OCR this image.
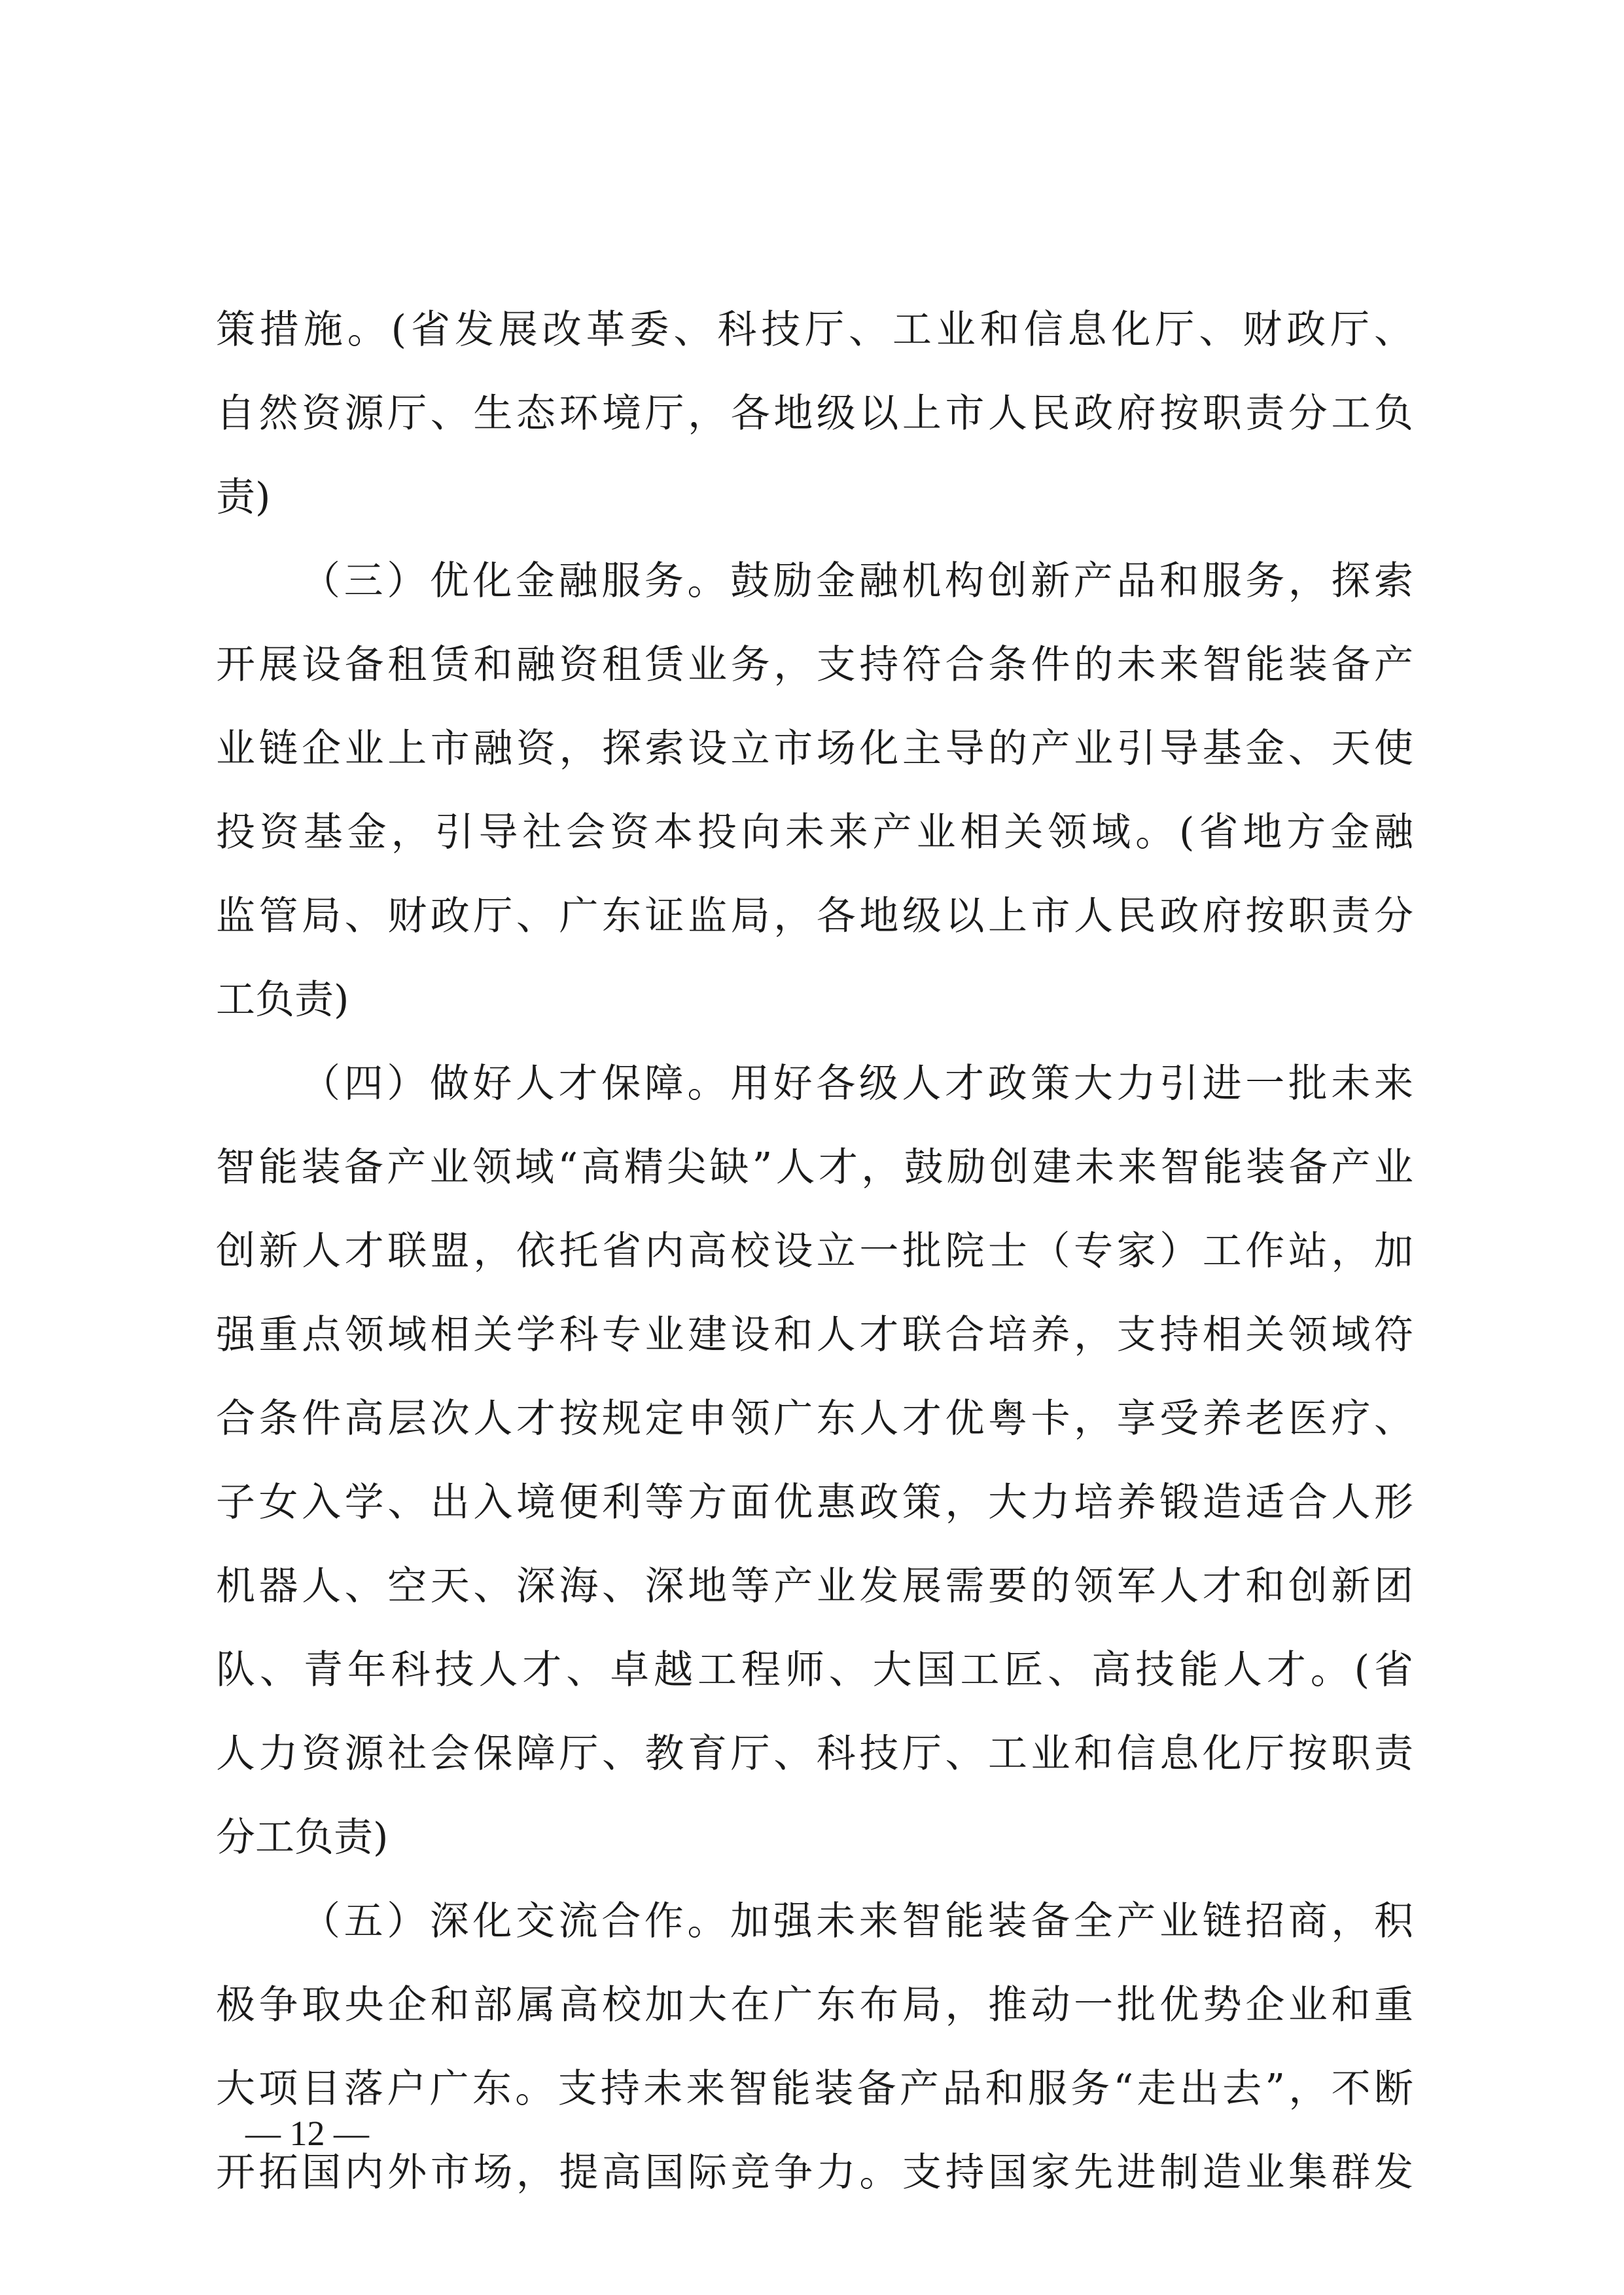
策措施。(省发展改革委、科技厅、工业和信息化厅、财政厅、
自然资源厅、生态环境厅，各地级以上市人民政府按职责分工负
责)
（三）优化金融服务。鼓励金融机构创新产品和服务，探索
开展设备租赁和融资租赁业务，支持符合条件的未来智能装备产
业链企业上市融资，探索设立市场化主导的产业引导基金、天使
投资基金，引导社会资本投向未来产业相关领域。(省地方金融
监管局、财政厅、广东证监局，各地级以上市人民政府按职责分
工负责)
（四）做好人才保障。用好各级人才政策大力引进一批未来
智能装备产业领域“高精尖缺”人才，鼓励创建未来智能装备产业
创新人才联盟，依托省内高校设立一批院士（专家）工作站，加
强重点领域相关学科专业建设和人才联合培养，支持相关领域符
合条件高层次人才按规定申领广东人才优粤卡，享受养老医疗、
子女入学、出入境便利等方面优惠政策，大力培养锻造适合人形
机器人、空天、深海、深地等产业发展需要的领军人才和创新团
队、青年科技人才、卓越工程师、大国工匠、高技能人才。(省
人力资源社会保障厅、教育厅、科技厅、工业和信息化厅按职责
分工负责)
（五）深化交流合作。加强未来智能装备全产业链招商，积
极争取央企和部属高校加大在广东布局，推动一批优势企业和重
大项目落户广东。支持未来智能装备产品和服务“走出去”，不断
开拓国内外市场，提高国际竞争力。支持国家先进制造业集群发
— 12 —
